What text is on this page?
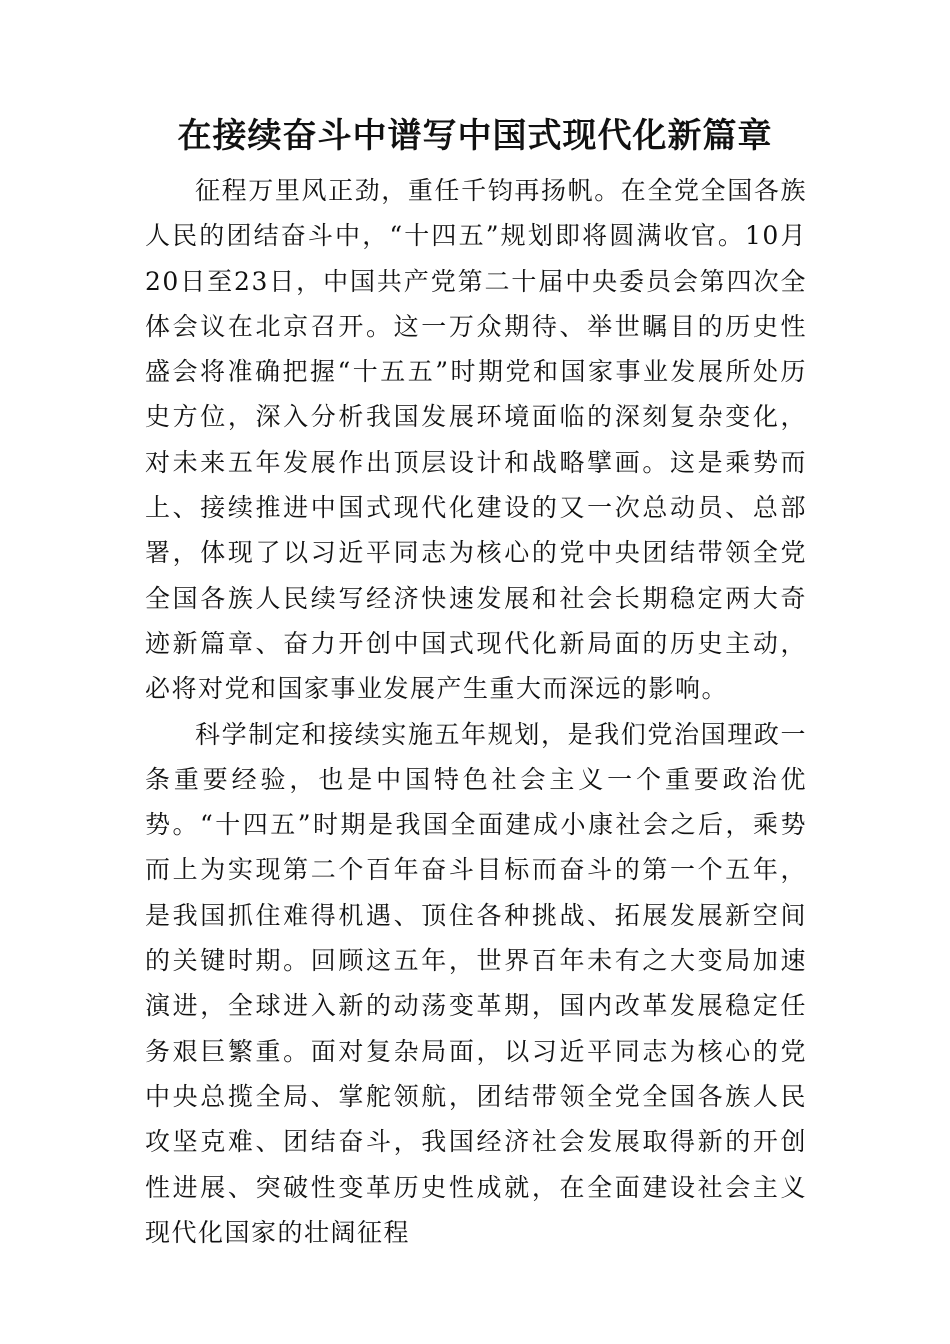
在接续奋斗中谱写中国式现代化新篇章

征程万里风正劲，重任千钧再扬帆。在全党全国各族人民的团结奋斗中，“十四五”规划即将圆满收官。10月20日至23日，中国共产党第二十届中央委员会第四次全体会议在北京召开。这一万众期待、举世瞩目的历史性盛会将准确把握“十五五”时期党和国家事业发展所处历史方位，深入分析我国发展环境面临的深刻复杂变化，对未来五年发展作出顶层设计和战略擘画。这是乘势而上、接续推进中国式现代化建设的又一次总动员、总部署，体现了以习近平同志为核心的党中央团结带领全党全国各族人民续写经济快速发展和社会长期稳定两大奇迹新篇章、奋力开创中国式现代化新局面的历史主动，必将对党和国家事业发展产生重大而深远的影响。

科学制定和接续实施五年规划，是我们党治国理政一条重要经验，也是中国特色社会主义一个重要政治优势。“十四五”时期是我国全面建成小康社会之后，乘势而上为实现第二个百年奋斗目标而奋斗的第一个五年，是我国抓住难得机遇、顶住各种挑战、拓展发展新空间的关键时期。回顾这五年，世界百年未有之大变局加速演进，全球进入新的动荡变革期，国内改革发展稳定任务艰巨繁重。面对复杂局面，以习近平同志为核心的党中央总揽全局、掌舵领航，团结带领全党全国各族人民攻坚克难、团结奋斗，我国经济社会发展取得新的开创性进展、突破性变革历史性成就，在全面建设社会主义现代化国家的壮阔征程
